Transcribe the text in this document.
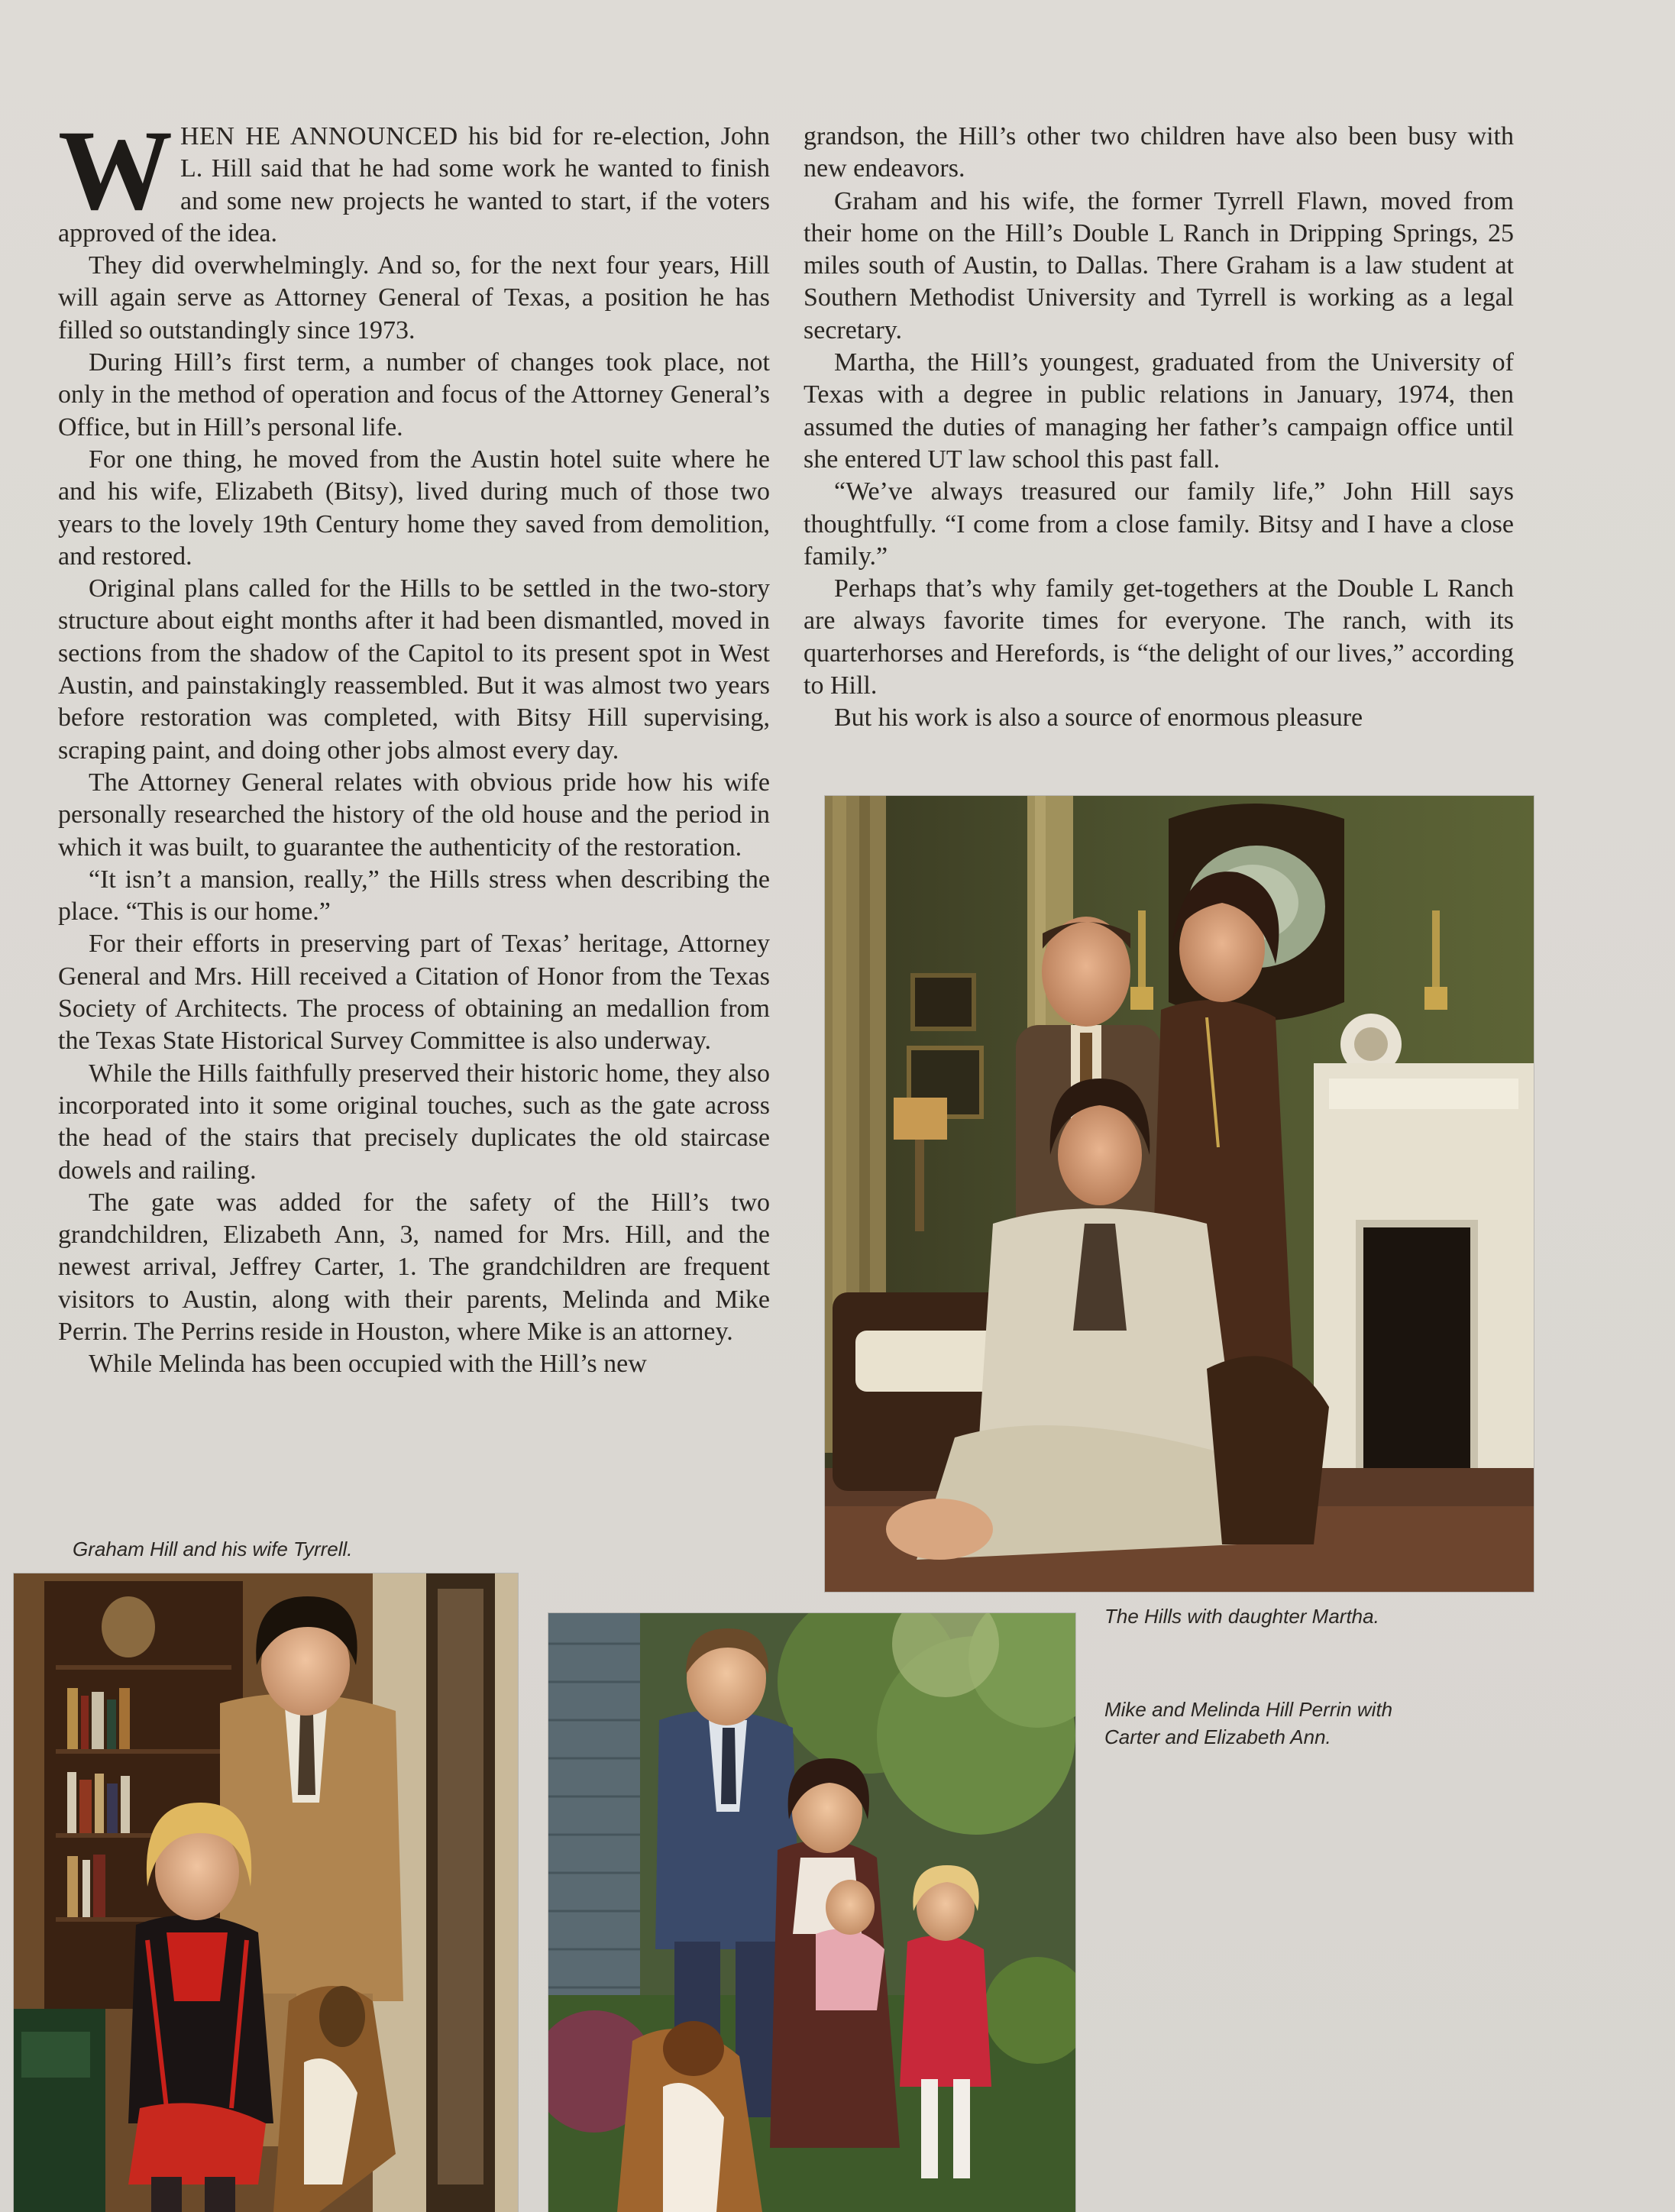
WHEN HE ANNOUNCED his bid for re-election, John L. Hill said that he had some work he wanted to finish and some new projects he wanted to start, if the voters approved of the idea.

They did overwhelmingly. And so, for the next four years, Hill will again serve as Attorney General of Texas, a position he has filled so outstandingly since 1973.

During Hill’s first term, a number of changes took place, not only in the method of operation and focus of the Attorney General’s Office, but in Hill’s personal life.

For one thing, he moved from the Austin hotel suite where he and his wife, Elizabeth (Bitsy), lived during much of those two years to the lovely 19th Century home they saved from demolition, and restored.

Original plans called for the Hills to be settled in the two-story structure about eight months after it had been dismantled, moved in sections from the shadow of the Capitol to its present spot in West Austin, and painstakingly reassembled. But it was almost two years before restoration was completed, with Bitsy Hill supervising, scraping paint, and doing other jobs almost every day.

The Attorney General relates with obvious pride how his wife personally researched the history of the old house and the period in which it was built, to guarantee the authenticity of the restoration.

“It isn’t a mansion, really,” the Hills stress when describing the place. “This is our home.”

For their efforts in preserving part of Texas’ heritage, Attorney General and Mrs. Hill received a Citation of Honor from the Texas Society of Architects. The process of obtaining an medallion from the Texas State Historical Survey Committee is also underway.

While the Hills faithfully preserved their historic home, they also incorporated into it some original touches, such as the gate across the head of the stairs that precisely duplicates the old staircase dowels and railing.

The gate was added for the safety of the Hill’s two grandchildren, Elizabeth Ann, 3, named for Mrs. Hill, and the newest arrival, Jeffrey Carter, 1. The grandchildren are frequent visitors to Austin, along with their parents, Melinda and Mike Perrin. The Perrins reside in Houston, where Mike is an attorney.

While Melinda has been occupied with the Hill’s new

grandson, the Hill’s other two children have also been busy with new endeavors.

Graham and his wife, the former Tyrrell Flawn, moved from their home on the Hill’s Double L Ranch in Dripping Springs, 25 miles south of Austin, to Dallas. There Graham is a law student at Southern Methodist University and Tyrrell is working as a legal secretary.

Martha, the Hill’s youngest, graduated from the University of Texas with a degree in public relations in January, 1974, then assumed the duties of managing her father’s campaign office until she entered UT law school this past fall.

“We’ve always treasured our family life,” John Hill says thoughtfully. “I come from a close family. Bitsy and I have a close family.”

Perhaps that’s why family get-togethers at the Double L Ranch are always favorite times for everyone. The ranch, with its quarterhorses and Herefords, is “the delight of our lives,” according to Hill.

But his work is also a source of enormous pleasure

Graham Hill and his wife Tyrrell.
The Hills with daughter Martha.
Mike and Melinda Hill Perrin with
Carter and Elizabeth Ann.
